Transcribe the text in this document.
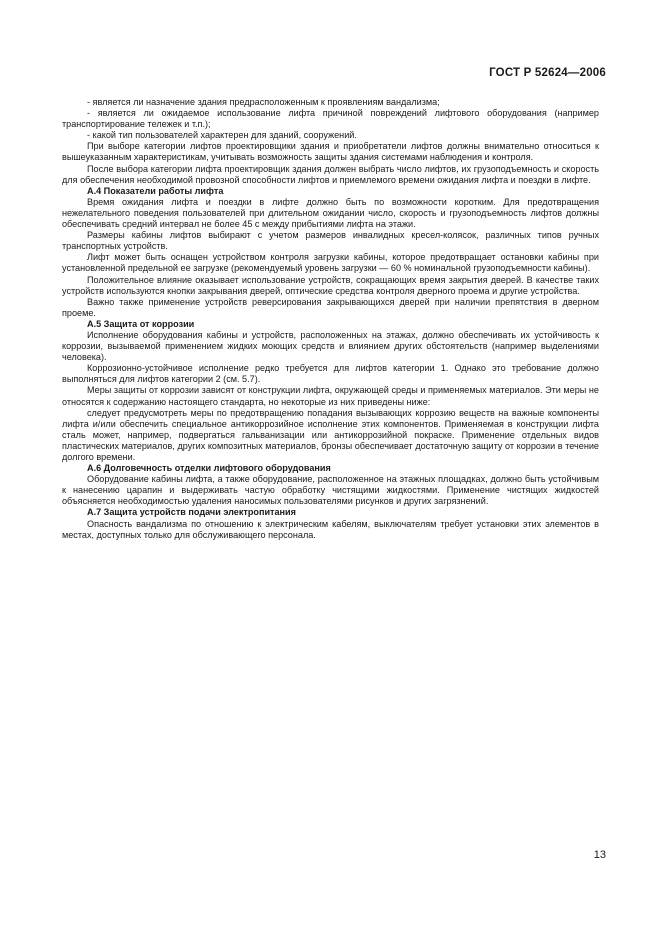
ГОСТ Р 52624—2006

- является ли назначение здания предрасположенным к проявлениям вандализма;

- является ли ожидаемое использование лифта причиной повреждений лифтового оборудования (например транспортирование тележек и т.п.);

- какой тип пользователей характерен для зданий, сооружений.

При выборе категории лифтов проектировщики здания и приобретатели лифтов должны внимательно относиться к вышеуказанным характеристикам, учитывать возможность защиты здания системами наблюдения и контроля.

После выбора категории лифта проектировщик здания должен выбрать число лифтов, их грузоподъемность и скорость для обеспечения необходимой провозной способности лифтов и приемлемого времени ожидания лифта и поездки в лифте.

А.4 Показатели работы лифта

Время ожидания лифта и поездки в лифте должно быть по возможности коротким. Для предотвращения нежелательного поведения пользователей при длительном ожидании число, скорость и грузоподъемность лифтов должны обеспечивать средний интервал не более 45 с между прибытиями лифта на этажи.

Размеры кабины лифтов выбирают с учетом размеров инвалидных кресел-колясок, различных типов ручных транспортных устройств.

Лифт может быть оснащен устройством контроля загрузки кабины, которое предотвращает остановки кабины при установленной предельной ее загрузке (рекомендуемый уровень загрузки — 60 % номинальной грузоподъемности кабины).

Положительное влияние оказывает использование устройств, сокращающих время закрытия дверей. В качестве таких устройств используются кнопки закрывания дверей, оптические средства контроля дверного проема и другие устройства.

Важно также применение устройств реверсирования закрывающихся дверей при наличии препятствия в дверном проеме.

А.5 Защита от коррозии

Исполнение оборудования кабины и устройств, расположенных на этажах, должно обеспечивать их устойчивость к коррозии, вызываемой применением жидких моющих средств и влиянием других обстоятельств (например выделениями человека).

Коррозионно-устойчивое исполнение редко требуется для лифтов категории 1. Однако это требование должно выполняться для лифтов категории 2 (см. 5.7).

Меры защиты от коррозии зависят от конструкции лифта, окружающей среды и применяемых материалов. Эти меры не относятся к содержанию настоящего стандарта, но некоторые из них приведены ниже:

следует предусмотреть меры по предотвращению попадания вызывающих коррозию веществ на важные компоненты лифта и/или обеспечить специальное антикоррозийное исполнение этих компонентов. Применяемая в конструкции лифта сталь может, например, подвергаться гальванизации или антикоррозийной покраске. Применение отдельных видов пластических материалов, других композитных материалов, бронзы обеспечивает достаточную защиту от коррозии в течение долгого времени.

А.6 Долговечность отделки лифтового оборудования

Оборудование кабины лифта, а также оборудование, расположенное на этажных площадках, должно быть устойчивым к нанесению царапин и выдерживать частую обработку чистящими жидкостями. Применение чистящих жидкостей объясняется необходимостью удаления наносимых пользователями рисунков и других загрязнений.

А.7 Защита устройств подачи электропитания

Опасность вандализма по отношению к электрическим кабелям, выключателям требует установки этих элементов в местах, доступных только для обслуживающего персонала.

13
